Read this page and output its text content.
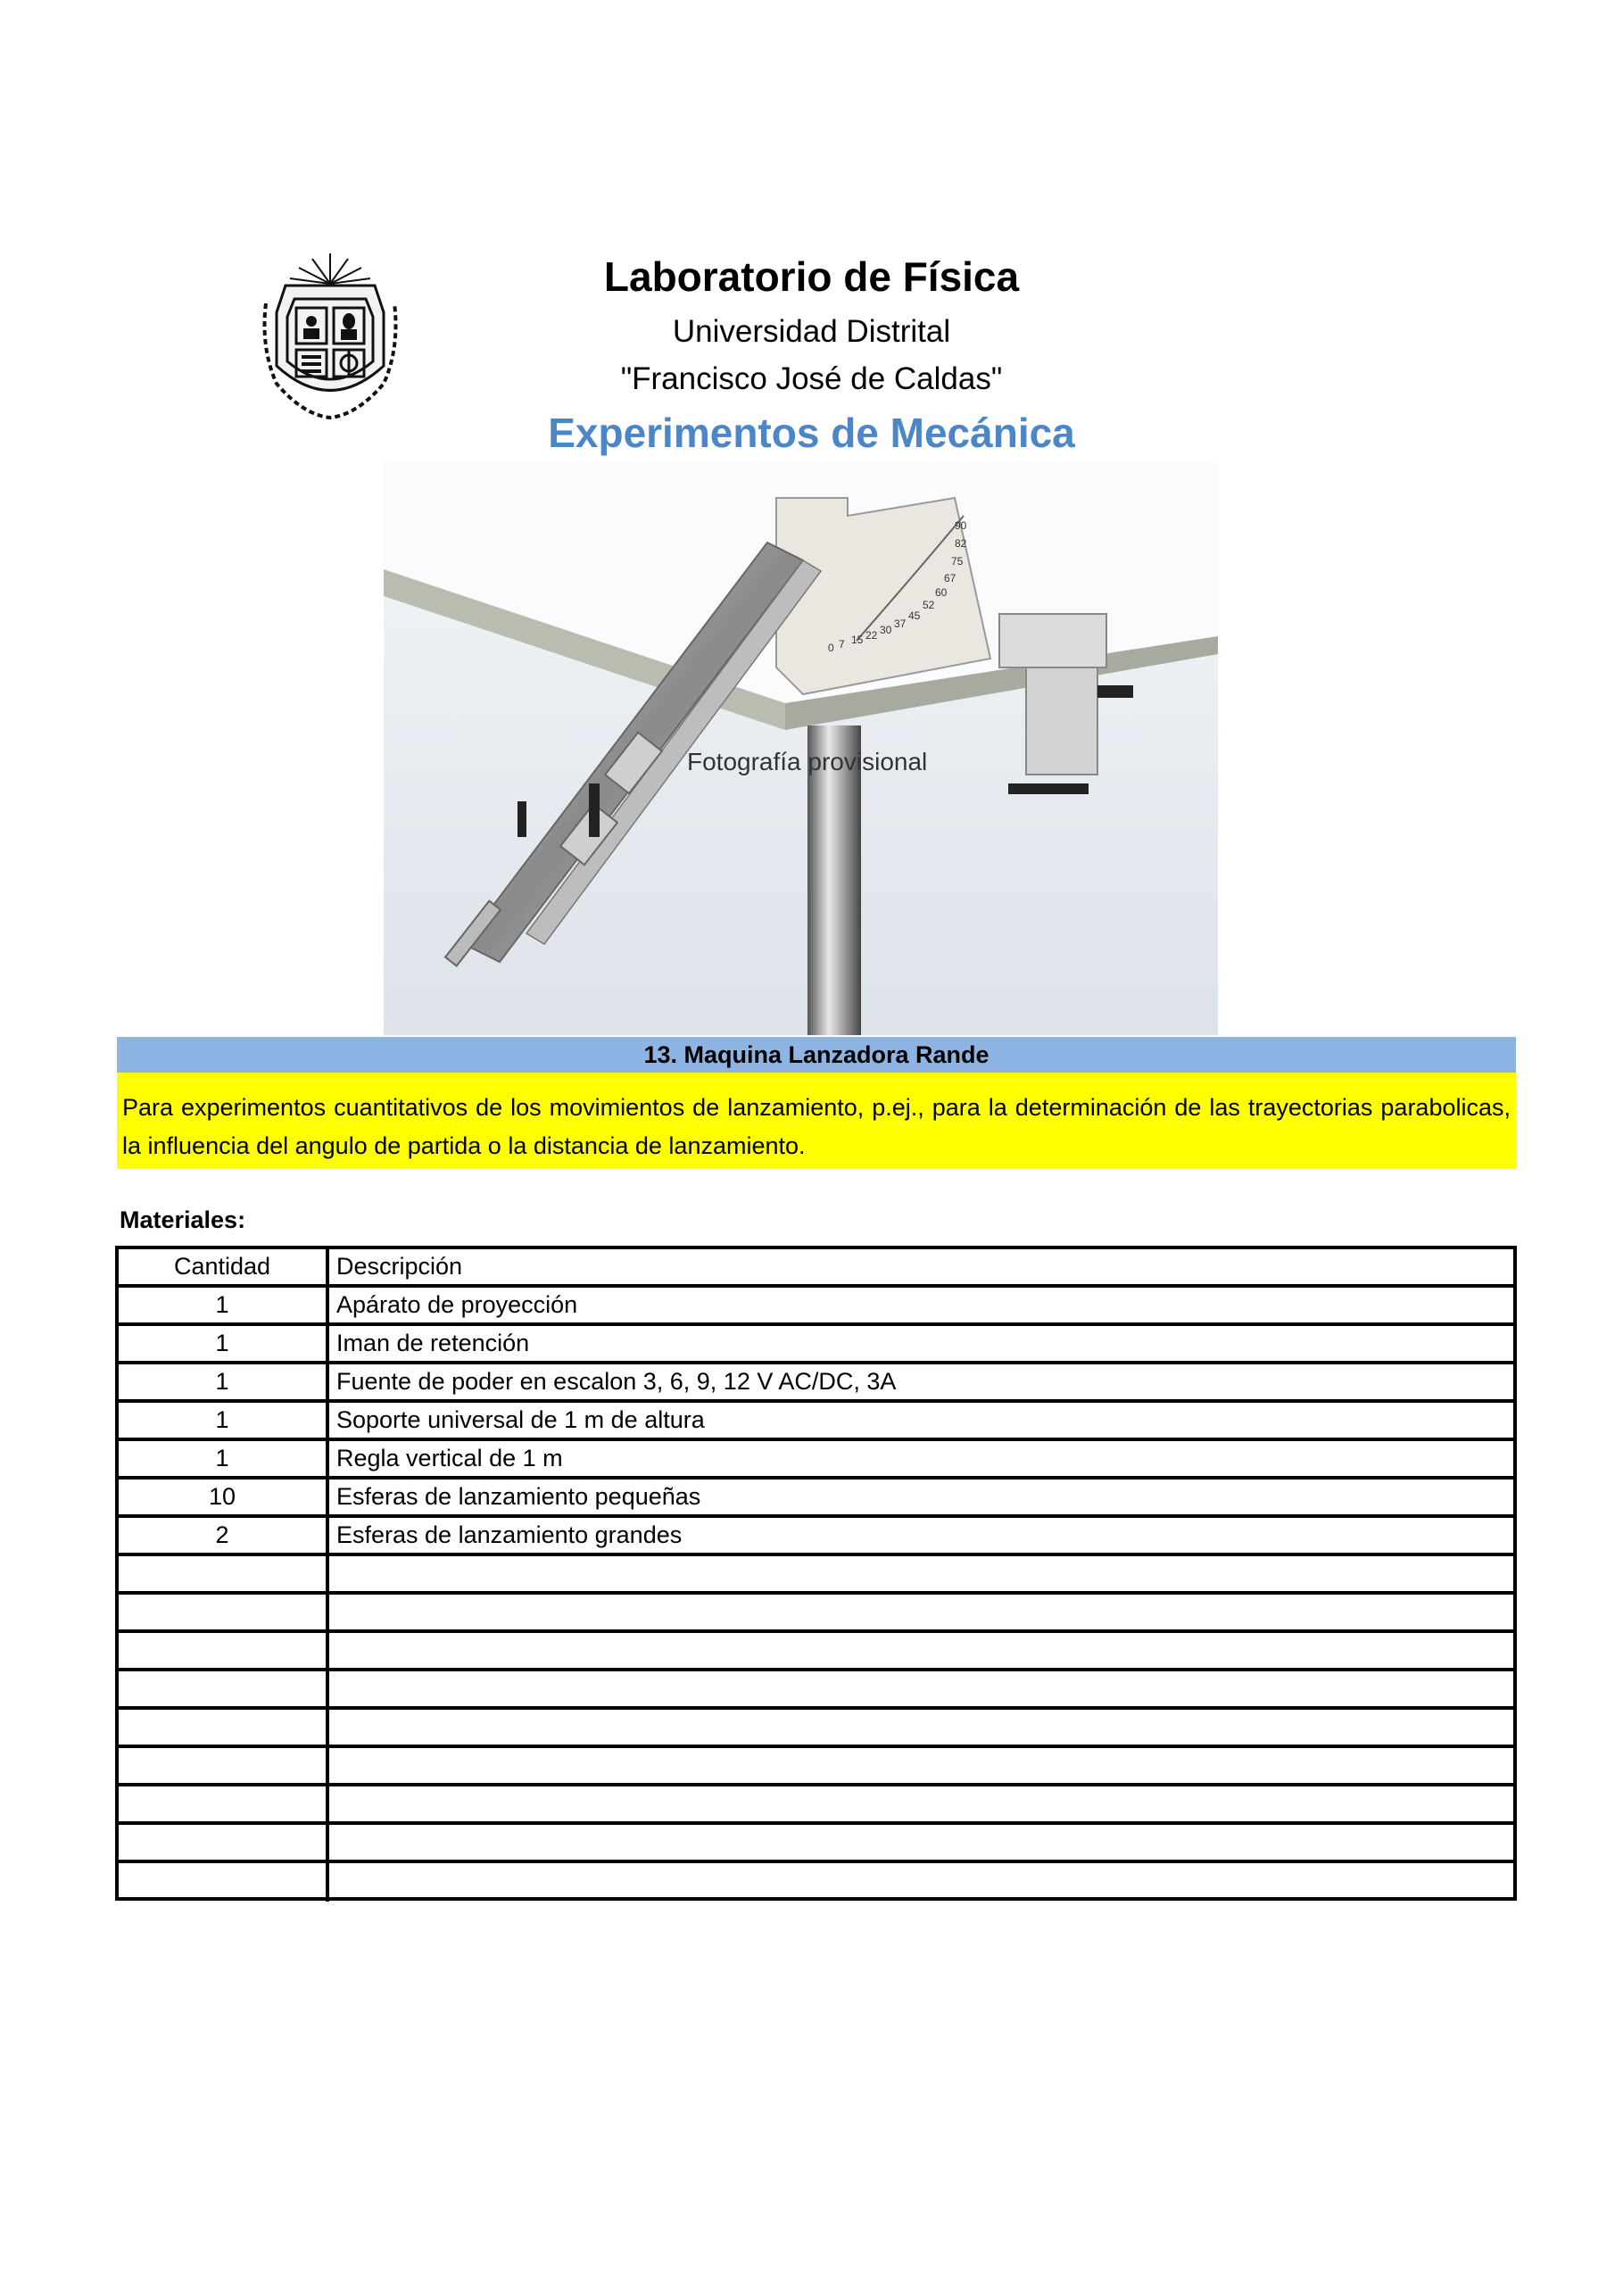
Laboratorio de Física
Universidad Distrital
"Francisco José de Caldas"
Experimentos de Mecánica
90
82
75
67
60
52
45
37
30
22
15
7
0
Fotografía provisional
13. Maquina Lanzadora Rande
Para experimentos cuantitativos de los movimientos de lanzamiento, p.ej., para la determinación de las trayectorias parabolicas, la influencia del angulo de partida o la distancia de lanzamiento.
Materiales:
Cantidad	Descripción
1	Apárato de proyección
1	Iman de retención
1	Fuente de poder en escalon 3, 6, 9, 12 V AC/DC, 3A
1	Soporte universal de 1 m de altura
1	Regla vertical de 1 m
10	Esferas de lanzamiento pequeñas
2	Esferas de lanzamiento grandes
